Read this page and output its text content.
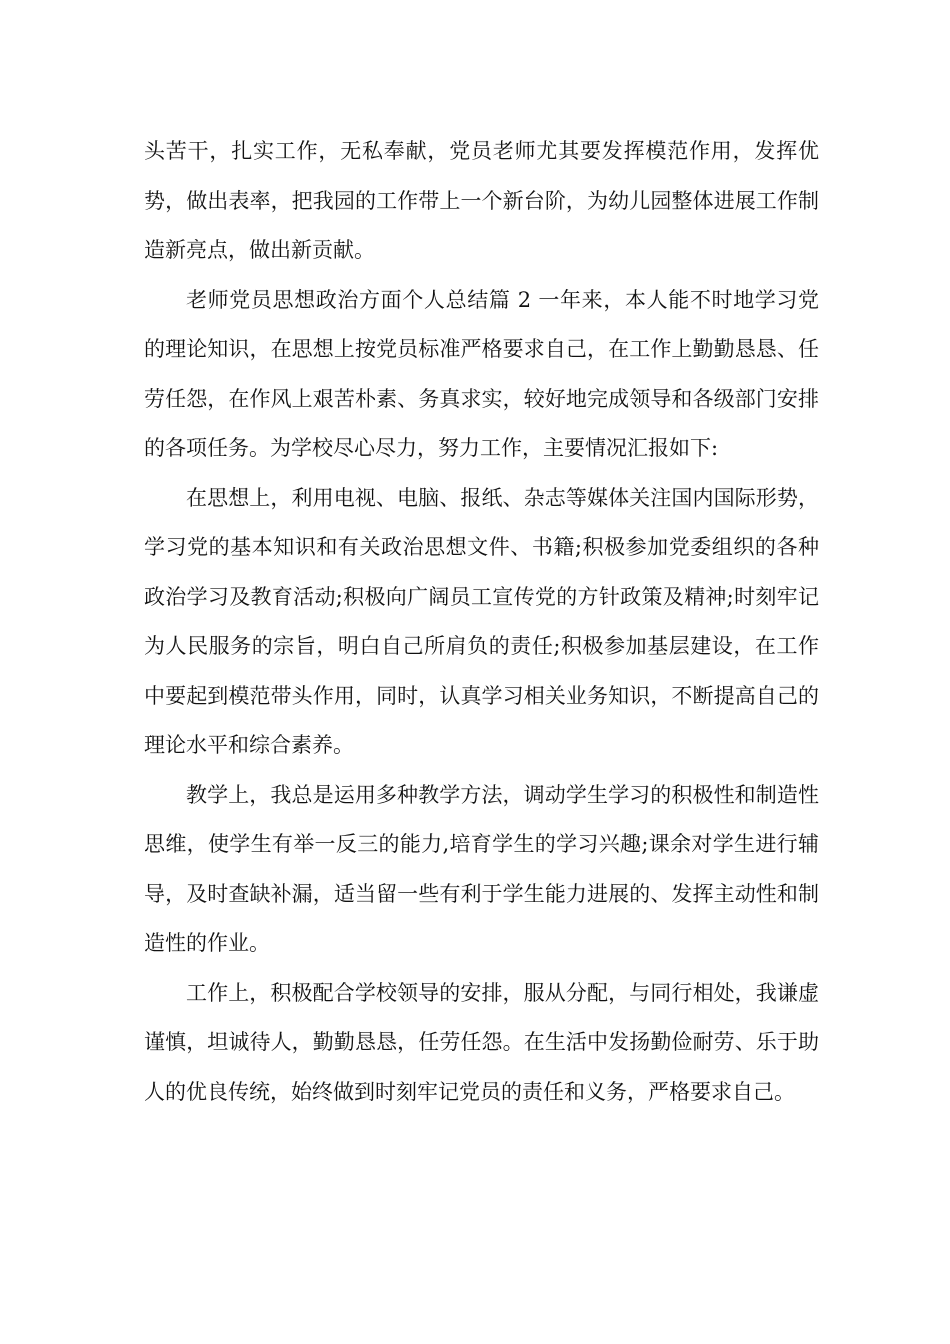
头苦干，扎实工作，无私奉献，党员老师尤其要发挥模范作用，发挥优势，做出表率，把我园的工作带上一个新台阶，为幼儿园整体进展工作制造新亮点，做出新贡献。

老师党员思想政治方面个人总结篇 2 一年来，本人能不时地学习党的理论知识，在思想上按党员标准严格要求自己，在工作上勤勤恳恳、任劳任怨，在作风上艰苦朴素、务真求实，较好地完成领导和各级部门安排的各项任务。为学校尽心尽力，努力工作，主要情况汇报如下:

在思想上，利用电视、电脑、报纸、杂志等媒体关注国内国际形势，学习党的基本知识和有关政治思想文件、书籍;积极参加党委组织的各种政治学习及教育活动;积极向广阔员工宣传党的方针政策及精神;时刻牢记为人民服务的宗旨，明白自己所肩负的责任;积极参加基层建设，在工作中要起到模范带头作用，同时，认真学习相关业务知识，不断提高自己的理论水平和综合素养。

教学上，我总是运用多种教学方法，调动学生学习的积极性和制造性思维，使学生有举一反三的能力,培育学生的学习兴趣;课余对学生进行辅导，及时查缺补漏，适当留一些有利于学生能力进展的、发挥主动性和制造性的作业。

工作上，积极配合学校领导的安排，服从分配，与同行相处，我谦虚谨慎，坦诚待人，勤勤恳恳，任劳任怨。在生活中发扬勤俭耐劳、乐于助人的优良传统，始终做到时刻牢记党员的责任和义务，严格要求自己。
